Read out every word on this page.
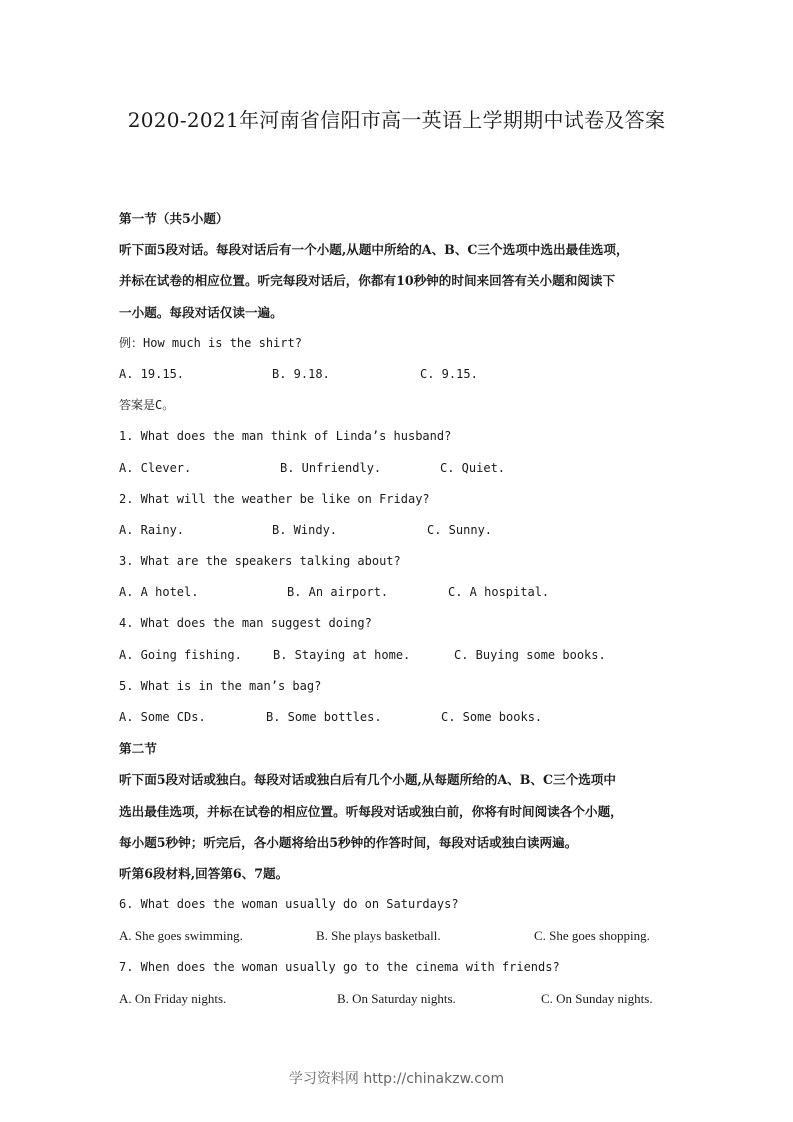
2020-2021年河南省信阳市高一英语上学期期中试卷及答案
第一节（共5小题）
听下面5段对话。每段对话后有一个小题,从题中所给的A、B、C三个选项中选出最佳选项，
并标在试卷的相应位置。听完每段对话后，你都有10秒钟的时间来回答有关小题和阅读下
一小题。每段对话仅读一遍。
例：How much is the shirt?
A. 19.15.	B. 9.18.	C. 9.15.
答案是C。
1. What does the man think of Linda’s husband?
A. Clever.	B. Unfriendly.	C. Quiet.
2. What will the weather be like on Friday?
A. Rainy.	B. Windy.	C. Sunny.
3. What are the speakers talking about?
A. A hotel.	B. An airport.	C. A hospital.
4. What does the man suggest doing?
A. Going fishing.	B. Staying at home.	C. Buying some books.
5. What is in the man’s bag?
A. Some CDs.	B. Some bottles.	C. Some books.
第二节
听下面5段对话或独白。每段对话或独白后有几个小题,从每题所给的A、B、C三个选项中
选出最佳选项，并标在试卷的相应位置。听每段对话或独白前，你将有时间阅读各个小题，
每小题5秒钟；听完后，各小题将给出5秒钟的作答时间，每段对话或独白读两遍。
听第6段材料,回答第6、7题。
6. What does the woman usually do on Saturdays?
A. She goes swimming.	B. She plays basketball.	C. She goes shopping.
7. When does the woman usually go to the cinema with friends?
A. On Friday nights.	B. On Saturday nights.	C. On Sunday nights.
学习资料网 http://chinakzw.com
